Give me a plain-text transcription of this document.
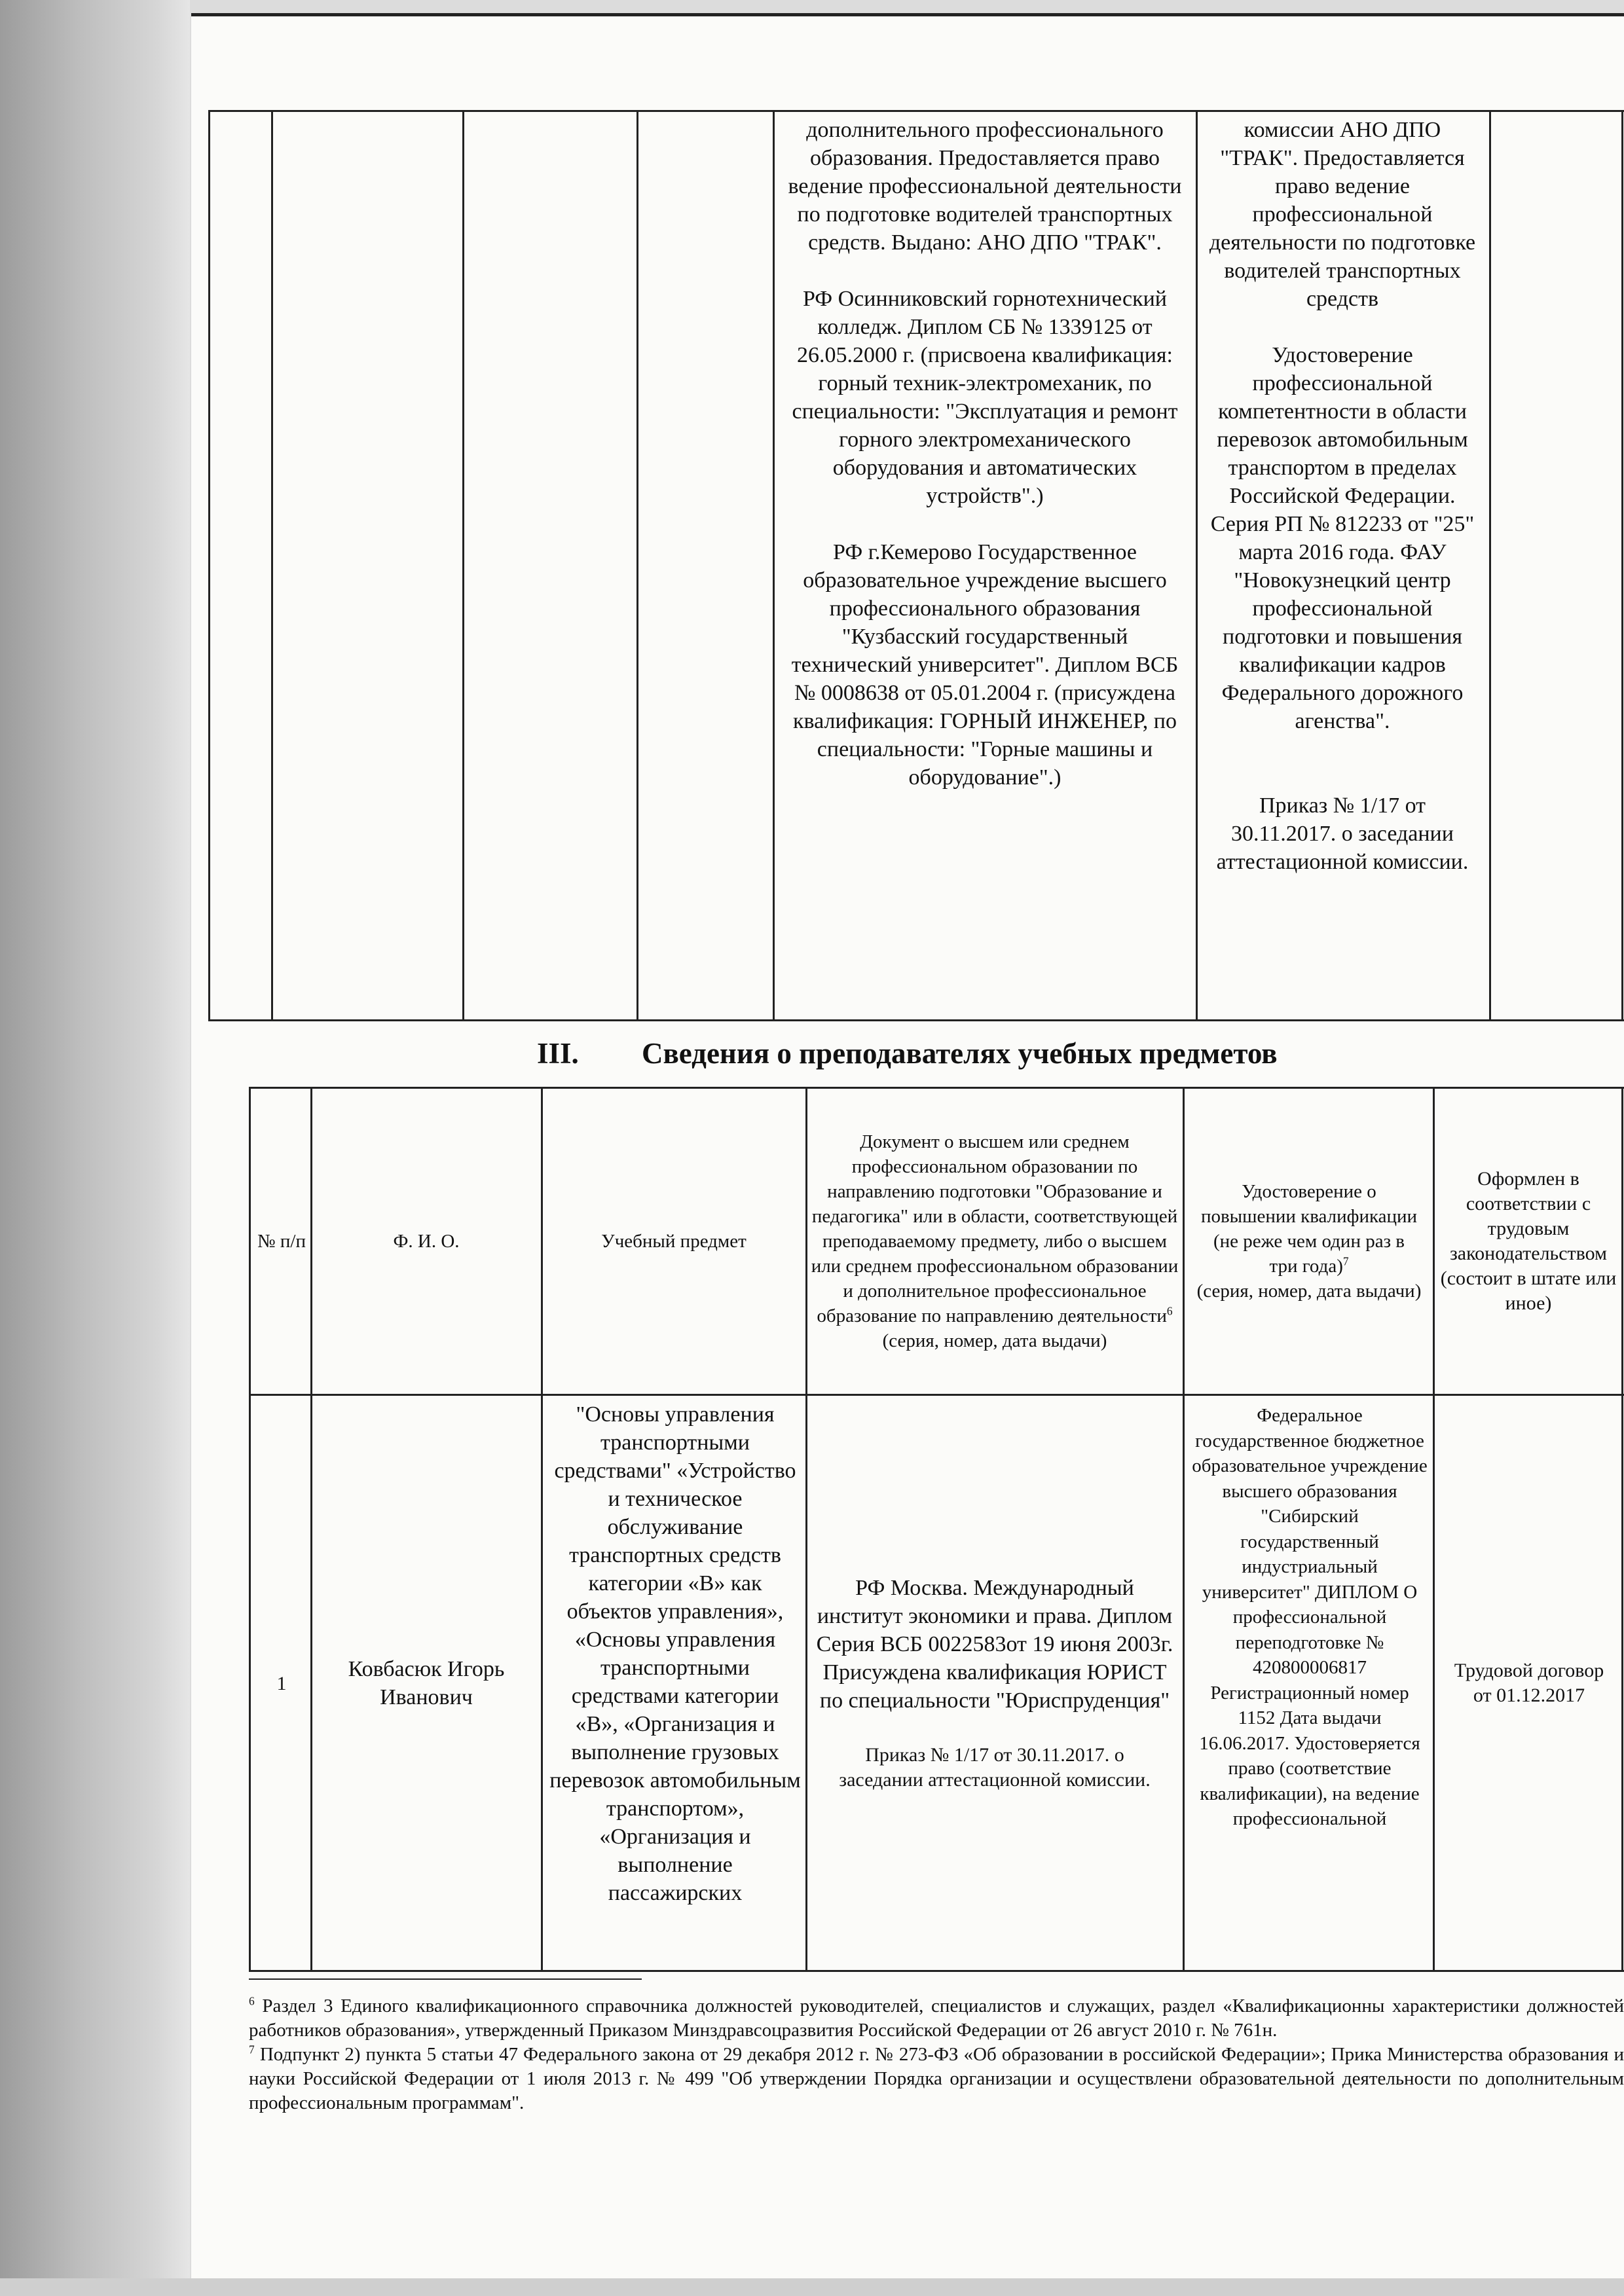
дополнительного профессионального образования. Предоставляется право ведение профессиональной деятельности по подготовке водителей транспортных средств. Выдано: АНО ДПО "ТРАК".

РФ Осинниковский горнотехнический колледж. Диплом СБ № 1339125 от 26.05.2000 г. (присвоена квалификация: горный техник-электромеханик, по специальности: "Эксплуатация и ремонт горного электромеханического оборудования и автоматических устройств".)

РФ г.Кемерово Государственное образовательное учреждение высшего профессионального образования "Кузбасский государственный технический университет". Диплом ВСБ № 0008638 от 05.01.2004 г. (присуждена квалификация: ГОРНЫЙ ИНЖЕНЕР, по специальности: "Горные машины и оборудование".)

комиссии АНО ДПО "ТРАК". Предоставляется право ведение профессиональной деятельности по подготовке водителей транспортных средств

Удостоверение профессиональной компетентности в области перевозок автомобильным транспортом в пределах Российской Федерации. Серия РП № 812233 от "25" марта 2016 года. ФАУ "Новокузнецкий центр профессиональной подготовки и повышения квалификации кадров Федерального дорожного агенства".

Приказ № 1/17 от 30.11.2017. о заседании аттестационной комиссии.

III. Сведения о преподавателях учебных предметов
№ п/п	Ф. И. О.	Учебный предмет
Документ о высшем или среднем профессиональном образовании по направлению подготовки "Образование и педагогика" или в области, соответствующей преподаваемому предмету, либо о высшем или среднем профессиональном образовании и дополнительное профессиональное образование по направлению деятельности$^6$
(серия, номер, дата выдачи)
Удостоверение о повышении квалификации (не реже чем один раз в три года)$^7$
(серия, номер, дата выдачи)
Оформлен в соответствии с трудовым законодательством (состоит в штате или иное)
1
Ковбасюк Игорь Иванович
"Основы управления транспортными средствами" «Устройство и техническое обслуживание транспортных средств категории «В» как объектов управления», «Основы управления транспортными средствами категории «В», «Организация и выполнение грузовых перевозок автомобильным транспортом», «Организация и выполнение пассажирских
РФ Москва. Международный институт экономики и права. Диплом Серия ВСБ 0022583от 19 июня 2003г. Присуждена квалификация ЮРИСТ по специальности "Юриспруденция"
Приказ № 1/17 от 30.11.2017. о заседании аттестационной комиссии.
Федеральное государственное бюджетное образовательное учреждение высшего образования "Сибирский государственный индустриальный университет" ДИПЛОМ О профессиональной переподготовке № 420800006817 Регистрационный номер 1152 Дата выдачи 16.06.2017. Удостоверяется право (соответствие квалификации), на ведение профессиональной
Трудовой договор от 01.12.2017

$^6$ Раздел 3 Единого квалификационного справочника должностей руководителей, специалистов и служащих, раздел «Квалификационны характеристики должностей работников образования», утвержденный Приказом Минздравсоцразвития Российской Федерации от 26 август 2010 г. № 761н.

$^7$ Подпункт 2) пункта 5 статьи 47 Федерального закона от 29 декабря 2012 г. № 273-ФЗ «Об образовании в российской Федерации»; Прика Министерства образования и науки Российской Федерации от 1 июля 2013 г. № 499 "Об утверждении Порядка организации и осуществлени образовательной деятельности по дополнительным профессиональным программам".
